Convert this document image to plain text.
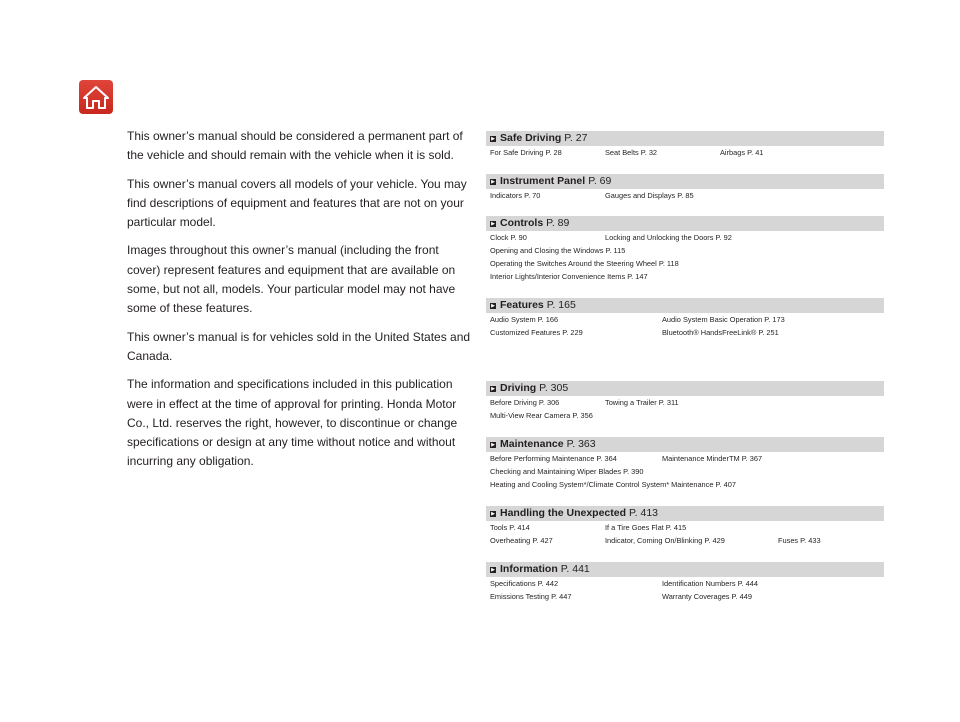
This owner’s manual should be considered a permanent part of the vehicle and should remain with the vehicle when it is sold.

This owner’s manual covers all models of your vehicle. You may find descriptions of equipment and features that are not on your particular model.

Images throughout this owner’s manual (including the front cover) represent features and equipment that are available on some, but not all, models. Your particular model may not have some of these features.

This owner’s manual is for vehicles sold in the United States and Canada.

The information and specifications included in this publication were in effect at the time of approval for printing. Honda Motor Co., Ltd. reserves the right, however, to discontinue or change specifications or design at any time without notice and without incurring any obligation.

▶ Safe Driving P. 27
For Safe Driving P. 28	Seat Belts P. 32	Airbags P. 41
▶ Instrument Panel P. 69
Indicators P. 70	Gauges and Displays P. 85
▶ Controls P. 89
Clock P. 90	Locking and Unlocking the Doors P. 92
Opening and Closing the Windows P. 115
Operating the Switches Around the Steering Wheel P. 118
Interior Lights/Interior Convenience Items P. 147
▶ Features P. 165
Audio System P. 166	Audio System Basic Operation P. 173
Customized Features P. 229	Bluetooth® HandsFreeLink® P. 251
▶ Driving P. 305
Before Driving P. 306	Towing a Trailer P. 311
Multi-View Rear Camera P. 356
▶ Maintenance P. 363
Before Performing Maintenance P. 364	Maintenance MinderTM P. 367
Checking and Maintaining Wiper Blades P. 390
Heating and Cooling System*/Climate Control System* Maintenance P. 407
▶ Handling the Unexpected P. 413
Tools P. 414	If a Tire Goes Flat P. 415
Overheating P. 427	Indicator, Coming On/Blinking P. 429	Fuses P. 433
▶ Information P. 441
Specifications P. 442	Identification Numbers P. 444
Emissions Testing P. 447	Warranty Coverages P. 449
